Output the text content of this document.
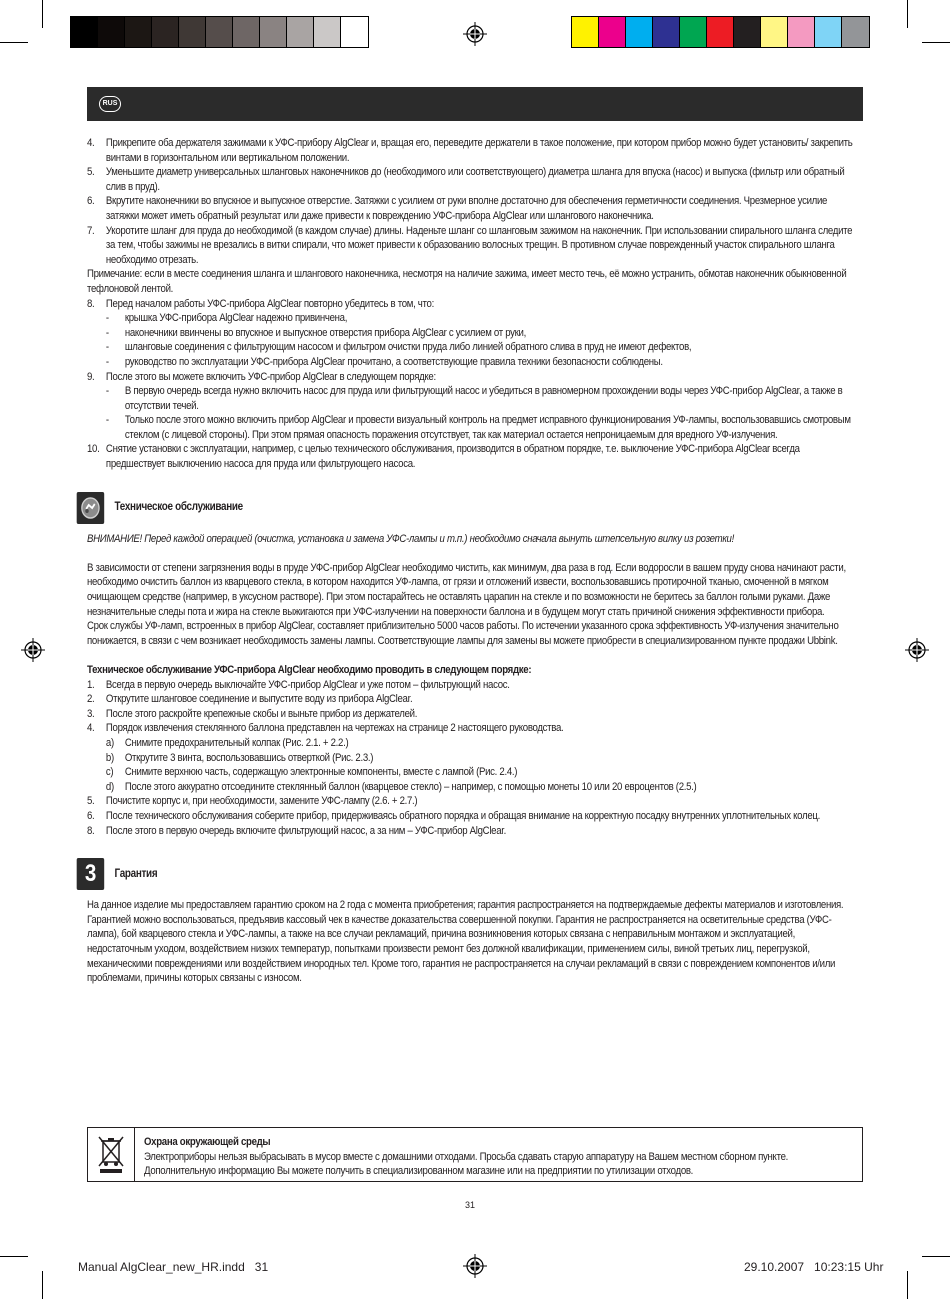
RUS
4.	Прикрепите оба держателя зажимами к УФС-прибору AlgClear и, вращая его, переведите держатели в такое положение, при котором прибор можно будет установить/ закрепить винтами в горизонтальном или вертикальном положении.
5.	Уменьшите диаметр универсальных шланговых наконечников до (необходимого или соответствующего) диаметра шланга для впуска (насос) и выпуска (фильтр или обратный слив в пруд).
6.	Вкрутите наконечники во впускное и выпускное отверстие. Затяжки с усилием от руки вполне достаточно для обеспечения герметичности соединения. Чрезмерное усилие затяжки может иметь обратный результат или даже привести к повреждению УФС-прибора AlgClear или шлангового наконечника.
7.	Укоротите шланг для пруда до необходимой (в каждом случае) длины. Наденьте шланг со шланговым зажимом на наконечник. При использовании спирального шланга следите за тем, чтобы зажимы не врезались в витки спирали, что может привести к образованию волосных трещин. В противном случае поврежденный участок спирального шланга необходимо отрезать.

Примечание: если в месте соединения шланга и шлангового наконечника, несмотря на наличие зажима, имеет место течь, её можно устранить, обмотав наконечник обыкновенной тефлоновой лентой.

8.	Перед началом работы УФС-прибора AlgClear повторно убедитесь в том, что:
-	крышка УФС-прибора AlgClear надежно привинчена,
-	наконечники ввинчены во впускное и выпускное отверстия прибора AlgClear с усилием от руки,
-	шланговые соединения с фильтрующим насосом и фильтром очистки пруда либо линией обратного слива в пруд не имеют дефектов,
-	руководство по эксплуатации УФС-прибора AlgClear прочитано, а соответствующие правила техники безопасности соблюдены.
9.	После этого вы можете включить УФС-прибор AlgClear в следующем порядке:
-	В первую очередь всегда нужно включить насос для пруда или фильтрующий насос и убедиться в равномерном прохождении воды через УФС-прибор AlgClear, а также в отсутствии течей.
-	Только после этого можно включить прибор AlgClear и провести визуальный контроль на предмет исправного функционирования УФ-лампы, воспользовавшись смотровым стеклом (с лицевой стороны). При этом прямая опасность поражения отсутствует, так как материал остается непроницаемым для вредного УФ-излучения.
10. Снятие установки с эксплуатации, например, с целью технического обслуживания, производится в обратном порядке, т.е. выключение УФС-прибора AlgClear всегда предшествует выключению насоса для пруда или фильтрующего насоса.
Техническое обслуживание

ВНИМАНИЕ! Перед каждой операцией (очистка, установка и замена УФС-лампы и т.п.) необходимо сначала вынуть штепсельную вилку из розетки!

В зависимости от степени загрязнения воды в пруде УФС-прибор AlgClear необходимо чистить, как минимум, два раза в год. Если водоросли в вашем пруду снова начинают расти, необходимо очистить баллон из кварцевого стекла, в котором находится УФ-лампа, от грязи и отложений извести, воспользовавшись протирочной тканью, смоченной в мягком очищающем средстве (например, в уксусном растворе). При этом постарайтесь не оставлять царапин на стекле и по возможности не беритесь за баллон голыми руками. Даже незначительные следы пота и жира на стекле выжигаются при УФС-излучении на поверхности баллона и в будущем могут стать причиной снижения эффективности прибора.

Срок службы УФ-ламп, встроенных в прибор AlgClear, составляет приблизительно 5000 часов работы. По истечении указанного срока эффективность УФ-излучения значительно понижается, в связи с чем возникает необходимость замены лампы. Соответствующие лампы для замены вы можете приобрести в специализированном пункте продажи Ubbink.

Техническое обслуживание УФС-прибора AlgClear необходимо проводить в следующем порядке:

1.	Всегда в первую очередь выключайте УФС-прибор AlgClear и уже потом – фильтрующий насос.
2.	Открутите шланговое соединение и выпустите воду из прибора AlgClear.
3.	После этого раскройте крепежные скобы и выньте прибор из держателей.
4.	Порядок извлечения стеклянного баллона представлен на чертежах на странице 2 настоящего руководства.
a) Снимите предохранительный колпак (Рис. 2.1. + 2.2.)
b) Открутите 3 винта, воспользовавшись отверткой (Рис. 2.3.)
c)	Снимите верхнюю часть, содержащую электронные компоненты, вместе с лампой (Рис. 2.4.)
d) После этого аккуратно отсоедините стеклянный баллон (кварцевое стекло) – например, с помощью монеты 10 или 20 евроцентов (2.5.)
5.	Почистите корпус и, при необходимости, замените УФС-лампу (2.6. + 2.7.)
6.	После технического обслуживания соберите прибор, придерживаясь обратного порядка и обращая внимание на корректную посадку внутренних уплотнительных колец.
8.	После этого в первую очередь включите фильтрующий насос, а за ним – УФС-прибор AlgClear.
3 Гарантия

На данное изделие мы предоставляем гарантию сроком на 2 года с момента приобретения; гарантия распространяется на подтверждаемые дефекты материалов и изготовления. Гарантией можно воспользоваться, предъявив кассовый чек в качестве доказательства совершенной покупки. Гарантия не распространяется на осветительные средства (УФС-лампа), бой кварцевого стекла и УФС-лампы, а также на все случаи рекламаций, причина возникновения которых связана с неправильным монтажом и эксплуатацией, недостаточным уходом, воздействием низких температур, попытками произвести ремонт без должной квалификации, применением силы, виной третьих лиц, перегрузкой, механическими повреждениями или воздействием инородных тел. Кроме того, гарантия не распространяется на случаи рекламаций в связи с повреждением компонентов и/или проблемами, причины которых связаны с износом.

Охрана окружающей среды

Электроприборы нельзя выбрасывать в мусор вместе с домашними отходами. Просьба сдавать старую аппаратуру на Вашем местном сборном пункте. Дополнительную информацию Вы можете получить в специализированном магазине или на предприятии по утилизации отходов.

31
Manual AlgClear_new_HR.indd   31	29.10.2007   10:23:15 Uhr
